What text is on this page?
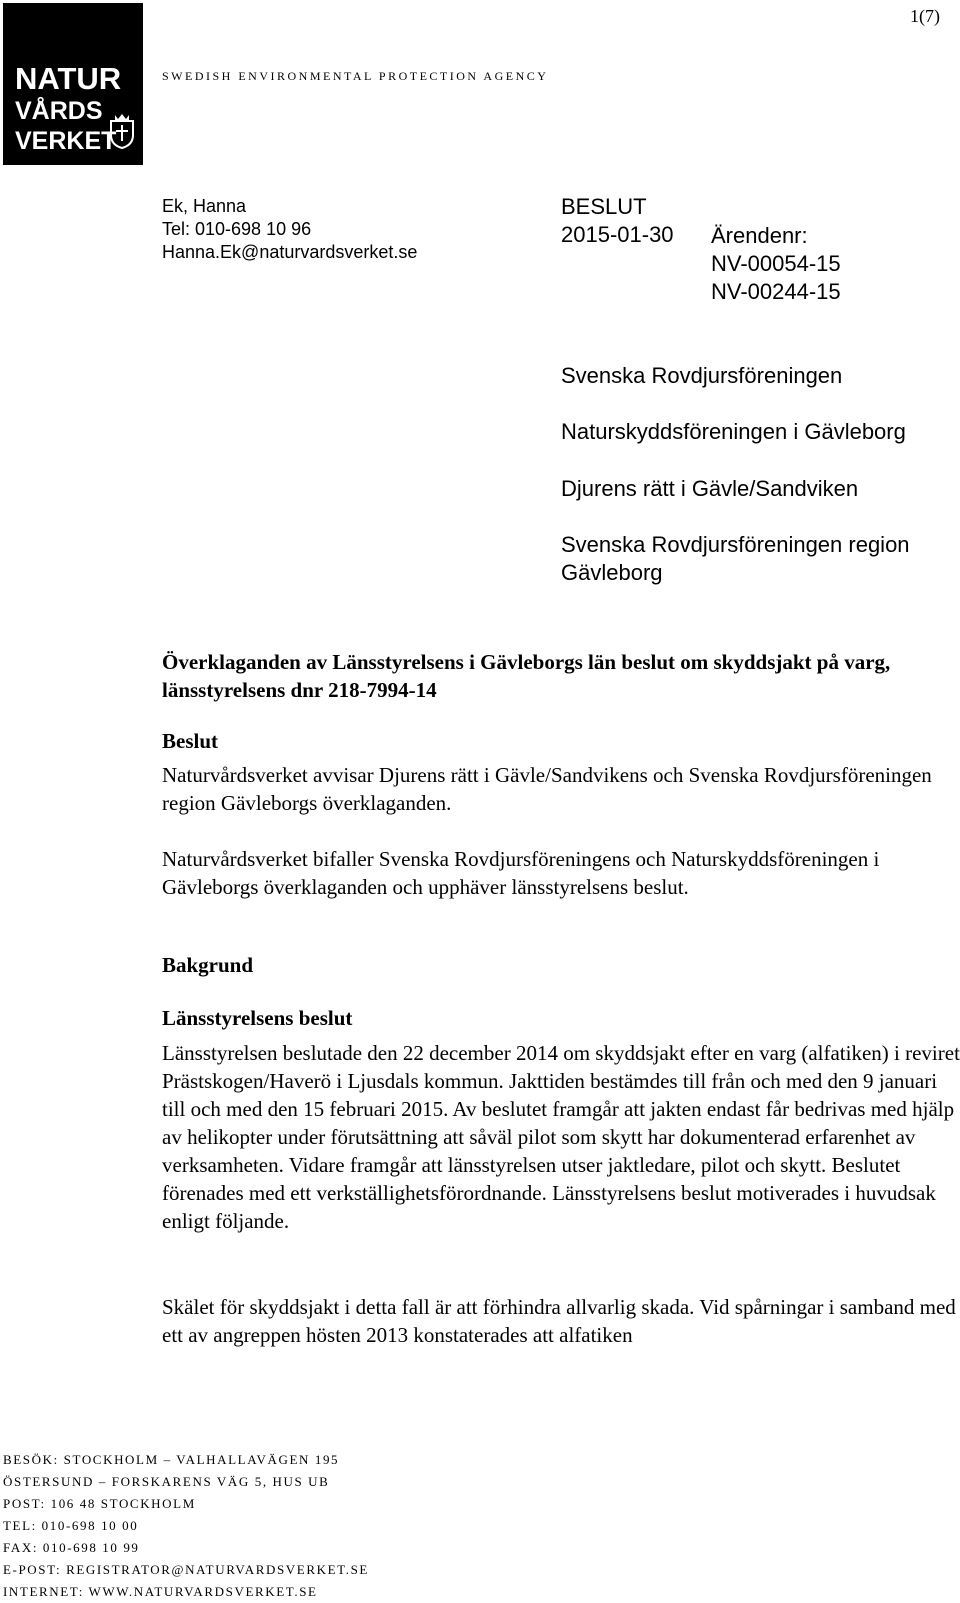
1(7)
NATUR
VÅRDS
VERKET
SWEDISH ENVIRONMENTAL PROTECTION AGENCY
Ek, Hanna
Tel: 010-698 10 96
Hanna.Ek@naturvardsverket.se
BESLUT
2015-01-30 Ärendenr:
NV-00054-15
NV-00244-15
Svenska Rovdjursföreningen
Naturskyddsföreningen i Gävleborg
Djurens rätt i Gävle/Sandviken
Svenska Rovdjursföreningen region Gävleborg
Överklaganden av Länsstyrelsens i Gävleborgs län beslut om skyddsjakt på varg, länsstyrelsens dnr 218-7994-14
Beslut
Naturvårdsverket avvisar Djurens rätt i Gävle/Sandvikens och Svenska Rovdjursföreningen region Gävleborgs överklaganden.
Naturvårdsverket bifaller Svenska Rovdjursföreningens och Naturskyddsföreningen i Gävleborgs överklaganden och upphäver länsstyrelsens beslut.
Bakgrund
Länsstyrelsens beslut
Länsstyrelsen beslutade den 22 december 2014 om skyddsjakt efter en varg (alfatiken) i reviret Prästskogen/Haverö i Ljusdals kommun. Jakttiden bestämdes till från och med den 9 januari till och med den 15 februari 2015. Av beslutet framgår att jakten endast får bedrivas med hjälp av helikopter under förutsättning att såväl pilot som skytt har dokumenterad erfarenhet av verksamheten. Vidare framgår att länsstyrelsen utser jaktledare, pilot och skytt. Beslutet förenades med ett verkställighetsförordnande. Länsstyrelsens beslut motiverades i huvudsak enligt följande.
Skälet för skyddsjakt i detta fall är att förhindra allvarlig skada. Vid spårningar i samband med ett av angreppen hösten 2013 konstaterades att alfatiken
BESÖK: STOCKHOLM – VALHALLAVÄGEN 195
ÖSTERSUND – FORSKARENS VÄG 5, HUS UB
POST: 106 48 STOCKHOLM
TEL: 010-698 10 00
FAX: 010-698 10 99
E-POST: REGISTRATOR@NATURVARDSVERKET.SE
INTERNET: WWW.NATURVARDSVERKET.SE
